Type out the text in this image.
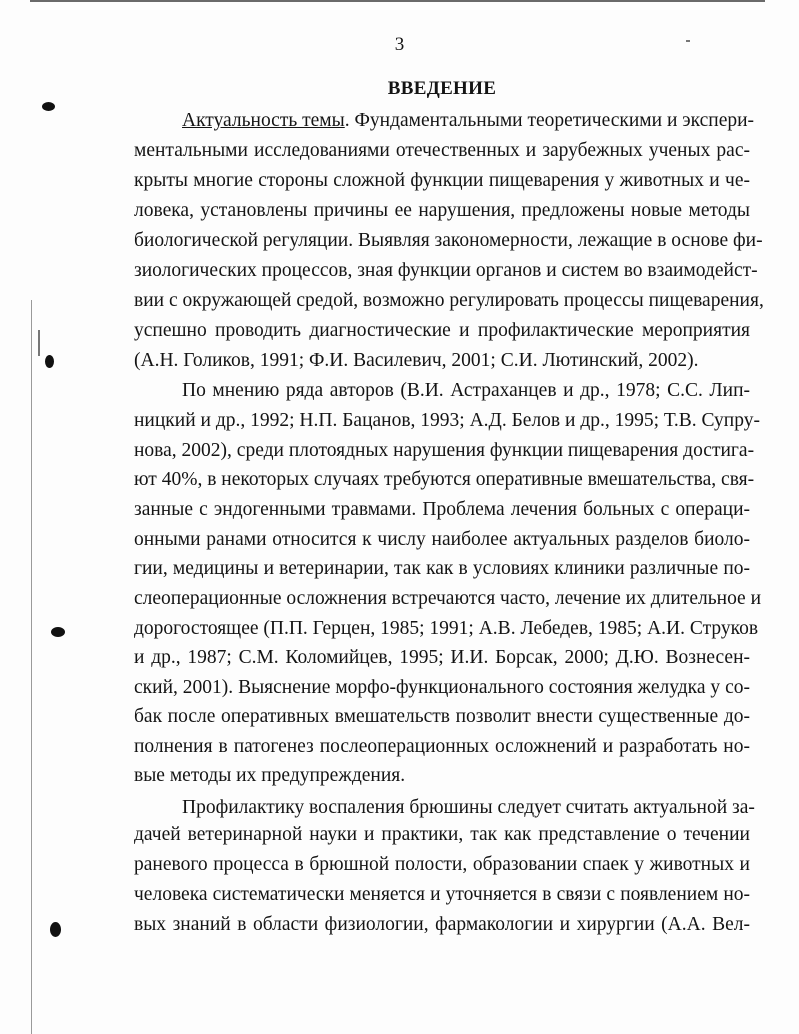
3
ВВЕДЕНИЕ
Актуальность темы. Фундаментальными теоретическими и экспери-
ментальными исследованиями отечественных и зарубежных ученых рас-
крыты многие стороны сложной функции пищеварения у животных и че-
ловека, установлены причины ее нарушения, предложены новые методы
биологической регуляции. Выявляя закономерности, лежащие в основе фи-
зиологических процессов, зная функции органов и систем во взаимодейст-
вии с окружающей средой, возможно регулировать процессы пищеварения,
успешно проводить диагностические и профилактические мероприятия
(А.Н. Голиков, 1991; Ф.И. Василевич, 2001; С.И. Лютинский, 2002).
По мнению ряда авторов (В.И. Астраханцев и др., 1978; С.С. Лип-
ницкий и др., 1992; Н.П. Бацанов, 1993; А.Д. Белов и др., 1995; Т.В. Супру-
нова, 2002), среди плотоядных нарушения функции пищеварения достига-
ют 40%, в некоторых случаях требуются оперативные вмешательства, свя-
занные с эндогенными травмами. Проблема лечения больных с операци-
онными ранами относится к числу наиболее актуальных разделов биоло-
гии, медицины и ветеринарии, так как в условиях клиники различные по-
слеоперационные осложнения встречаются часто, лечение их длительное и
дорогостоящее (П.П. Герцен, 1985; 1991; А.В. Лебедев, 1985; А.И. Струков
и др., 1987; С.М. Коломийцев, 1995; И.И. Борсак, 2000; Д.Ю. Вознесен-
ский, 2001). Выяснение морфо-функционального состояния желудка у со-
бак после оперативных вмешательств позволит внести существенные до-
полнения в патогенез послеоперационных осложнений и разработать но-
вые методы их предупреждения.
Профилактику воспаления брюшины следует считать актуальной за-
дачей ветеринарной науки и практики, так как представление о течении
раневого процесса в брюшной полости, образовании спаек у животных и
человека систематически меняется и уточняется в связи с появлением но-
вых знаний в области физиологии, фармакологии и хирургии (А.А. Вел-
